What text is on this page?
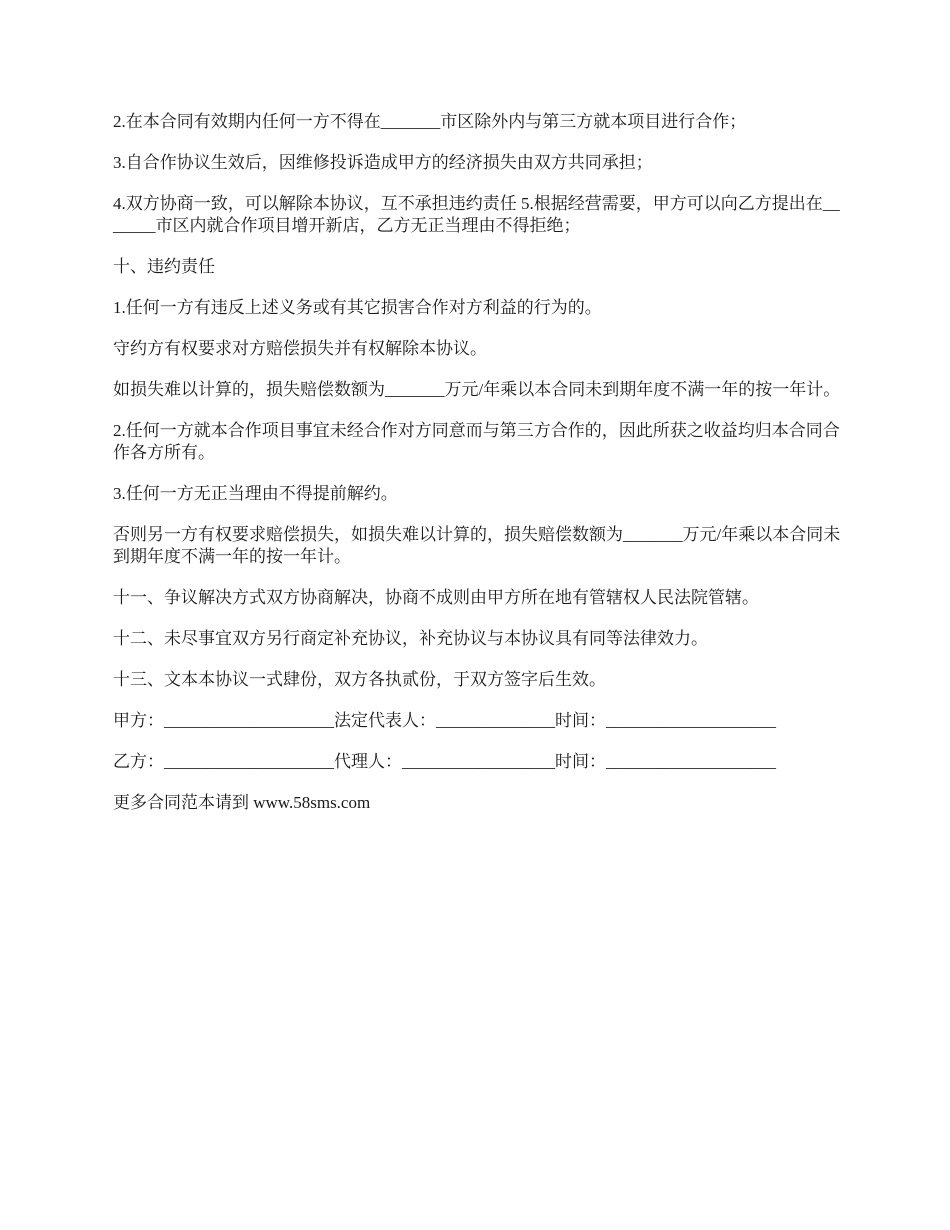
2.在本合同有效期内任何一方不得在_______市区除外内与第三方就本项目进行合作；

3.自合作协议生效后，因维修投诉造成甲方的经济损失由双方共同承担；

4.双方协商一致，可以解除本协议，互不承担违约责任 5.根据经营需要，甲方可以向乙方提出在_______市区内就合作项目增开新店，乙方无正当理由不得拒绝；

十、违约责任

1.任何一方有违反上述义务或有其它损害合作对方利益的行为的。

守约方有权要求对方赔偿损失并有权解除本协议。

如损失难以计算的，损失赔偿数额为_______万元/年乘以本合同未到期年度不满一年的按一年计。

2.任何一方就本合作项目事宜未经合作对方同意而与第三方合作的，因此所获之收益均归本合同合作各方所有。

3.任何一方无正当理由不得提前解约。

否则另一方有权要求赔偿损失，如损失难以计算的，损失赔偿数额为_______万元/年乘以本合同未到期年度不满一年的按一年计。

十一、争议解决方式双方协商解决，协商不成则由甲方所在地有管辖权人民法院管辖。

十二、未尽事宜双方另行商定补充协议，补充协议与本协议具有同等法律效力。

十三、文本本协议一式肆份，双方各执贰份，于双方签字后生效。

甲方：____________________法定代表人：______________时间：____________________

乙方：____________________代理人：__________________时间：____________________

更多合同范本请到 www.58sms.com
